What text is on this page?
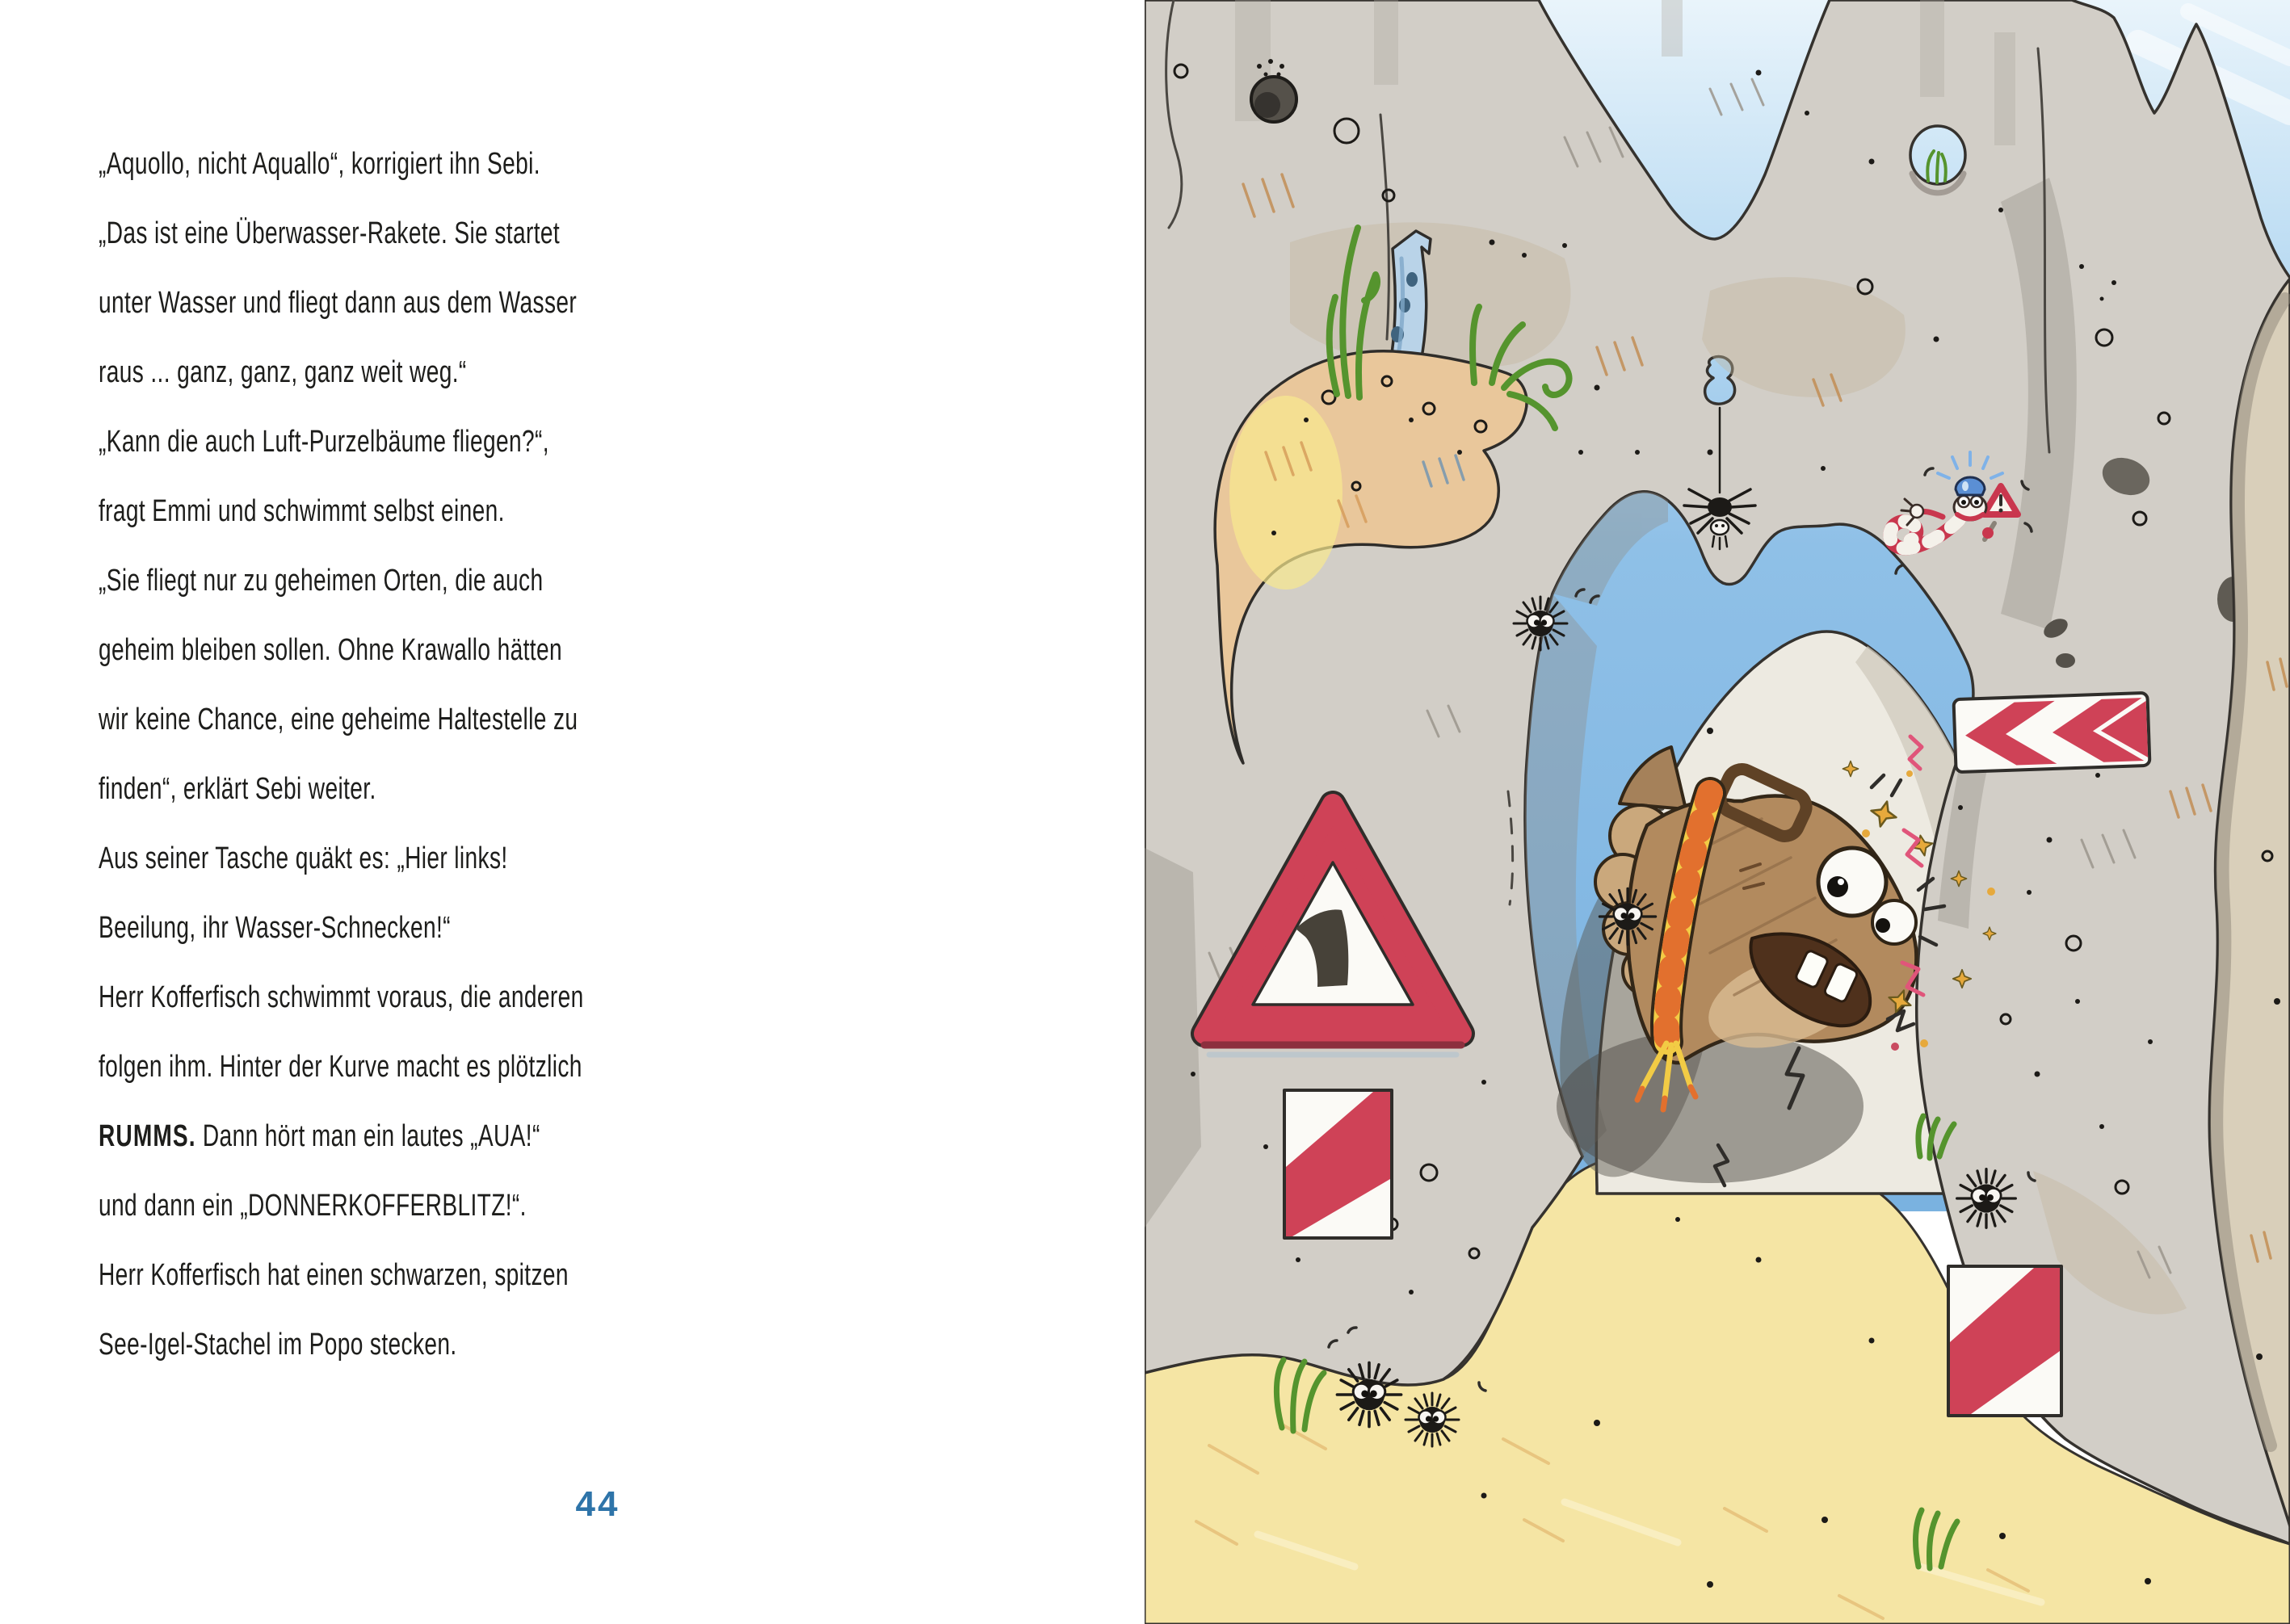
„Aquollo, nicht Aquallo“, korrigiert ihn Sebi.
„Das ist eine Überwasser-Rakete. Sie startet
unter Wasser und fliegt dann aus dem Wasser
raus ... ganz, ganz, ganz weit weg.“
„Kann die auch Luft-Purzelbäume fliegen?“,
fragt Emmi und schwimmt selbst einen.
„Sie fliegt nur zu geheimen Orten, die auch
geheim bleiben sollen. Ohne Krawallo hätten
wir keine Chance, eine geheime Haltestelle zu
finden“, erklärt Sebi weiter.
Aus seiner Tasche quäkt es: „Hier links!
Beeilung, ihr Wasser-Schnecken!“
Herr Kofferfisch schwimmt voraus, die anderen
folgen ihm. Hinter der Kurve macht es plötzlich
RUMMS. Dann hört man ein lautes „AUA!“
und dann ein „DONNERKOFFERBLITZ!“.
Herr Kofferfisch hat einen schwarzen, spitzen
See-Igel-Stachel im Popo stecken.
44
